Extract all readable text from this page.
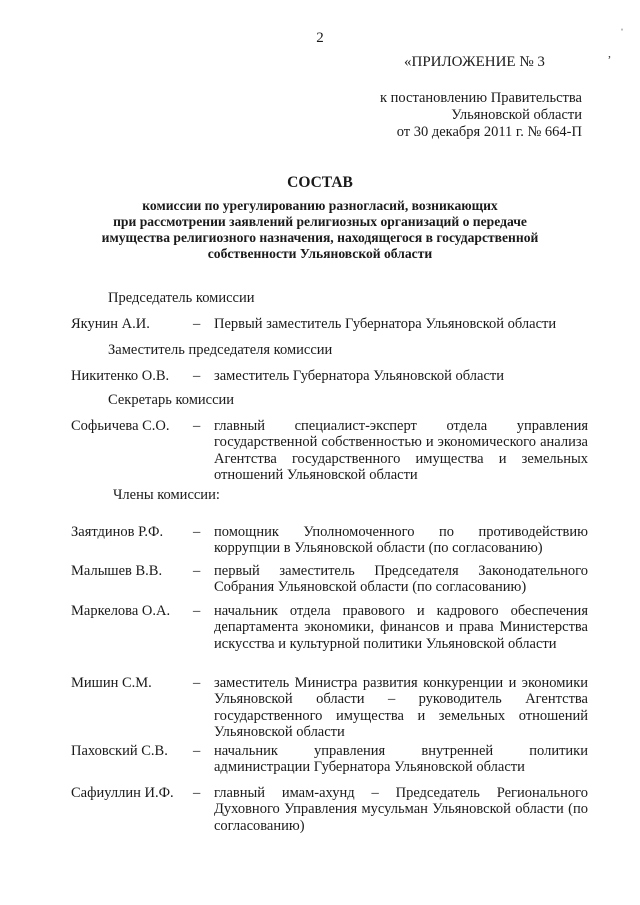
2	ˈ
,
«ПРИЛОЖЕНИЕ № 3
к постановлению Правительства
Ульяновской области
от 30 декабря 2011 г. № 664-П
СОСТАВ
комиссии по урегулированию разногласий, возникающих
при рассмотрении заявлений религиозных организаций о передаче
имущества религиозного назначения, находящегося в государственной
собственности Ульяновской области
Председатель комиссии
Якунин А.И.	– Первый заместитель Губернатора Ульяновской области
Заместитель председателя комиссии
Никитенко О.В. – заместитель Губернатора Ульяновской области
Секретарь комиссии
Софьичева С.О. – главный специалист-эксперт отдела управления государственной собственностью и экономического анализа Агентства государственного имущества и земельных отношений Ульяновской области
Члены комиссии:
Заятдинов Р.Ф. – помощник Уполномоченного по противодействию коррупции в Ульяновской области (по согласованию)
Малышев В.В. – первый заместитель Председателя Законодательного Собрания Ульяновской области (по согласованию)
Маркелова О.А. – начальник отдела правового и кадрового обеспечения департамента экономики, финансов и права Министерства искусства и культурной политики Ульяновской области
Мишин С.М.	– заместитель Министра развития конкуренции и экономики Ульяновской области – руководитель Агентства государственного имущества и земельных отношений Ульяновской области
Паховский С.В. – начальник управления внутренней политики администрации Губернатора Ульяновской области
Сафиуллин И.Ф. – главный имам-ахунд – Председатель Регионального Духовного Управления мусульман Ульяновской области (по согласованию)
